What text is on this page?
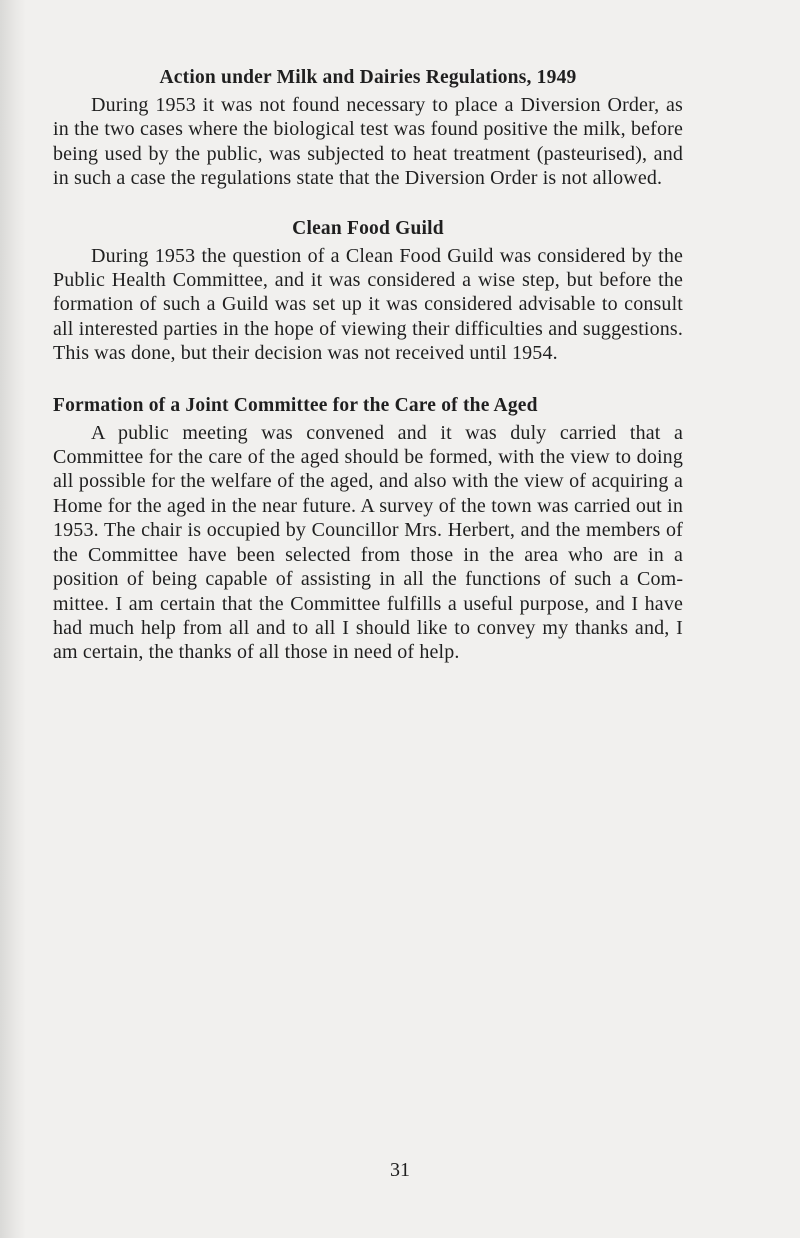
Action under Milk and Dairies Regulations, 1949

During 1953 it was not found necessary to place a Diversion Order, as in the two cases where the biological test was found positive the milk, before being used by the public, was subjected to heat treatment (pasteurised), and in such a case the regulations state that the Diversion Order is not allowed.

Clean Food Guild

During 1953 the question of a Clean Food Guild was considered by the Public Health Committee, and it was considered a wise step, but before the formation of such a Guild was set up it was considered advisable to consult all interested parties in the hope of viewing their difficulties and suggestions. This was done, but their decision was not received until 1954.

Formation of a Joint Committee for the Care of the Aged

A public meeting was convened and it was duly carried that a Committee for the care of the aged should be formed, with the view to doing all possible for the welfare of the aged, and also with the view of acquiring a Home for the aged in the near future. A survey of the town was carried out in 1953. The chair is occupied by Councillor Mrs. Herbert, and the members of the Committee have been selected from those in the area who are in a position of being capable of assisting in all the functions of such a Committee. I am certain that the Committee fulfills a useful purpose, and I have had much help from all and to all I should like to convey my thanks and, I am certain, the thanks of all those in need of help.

31
